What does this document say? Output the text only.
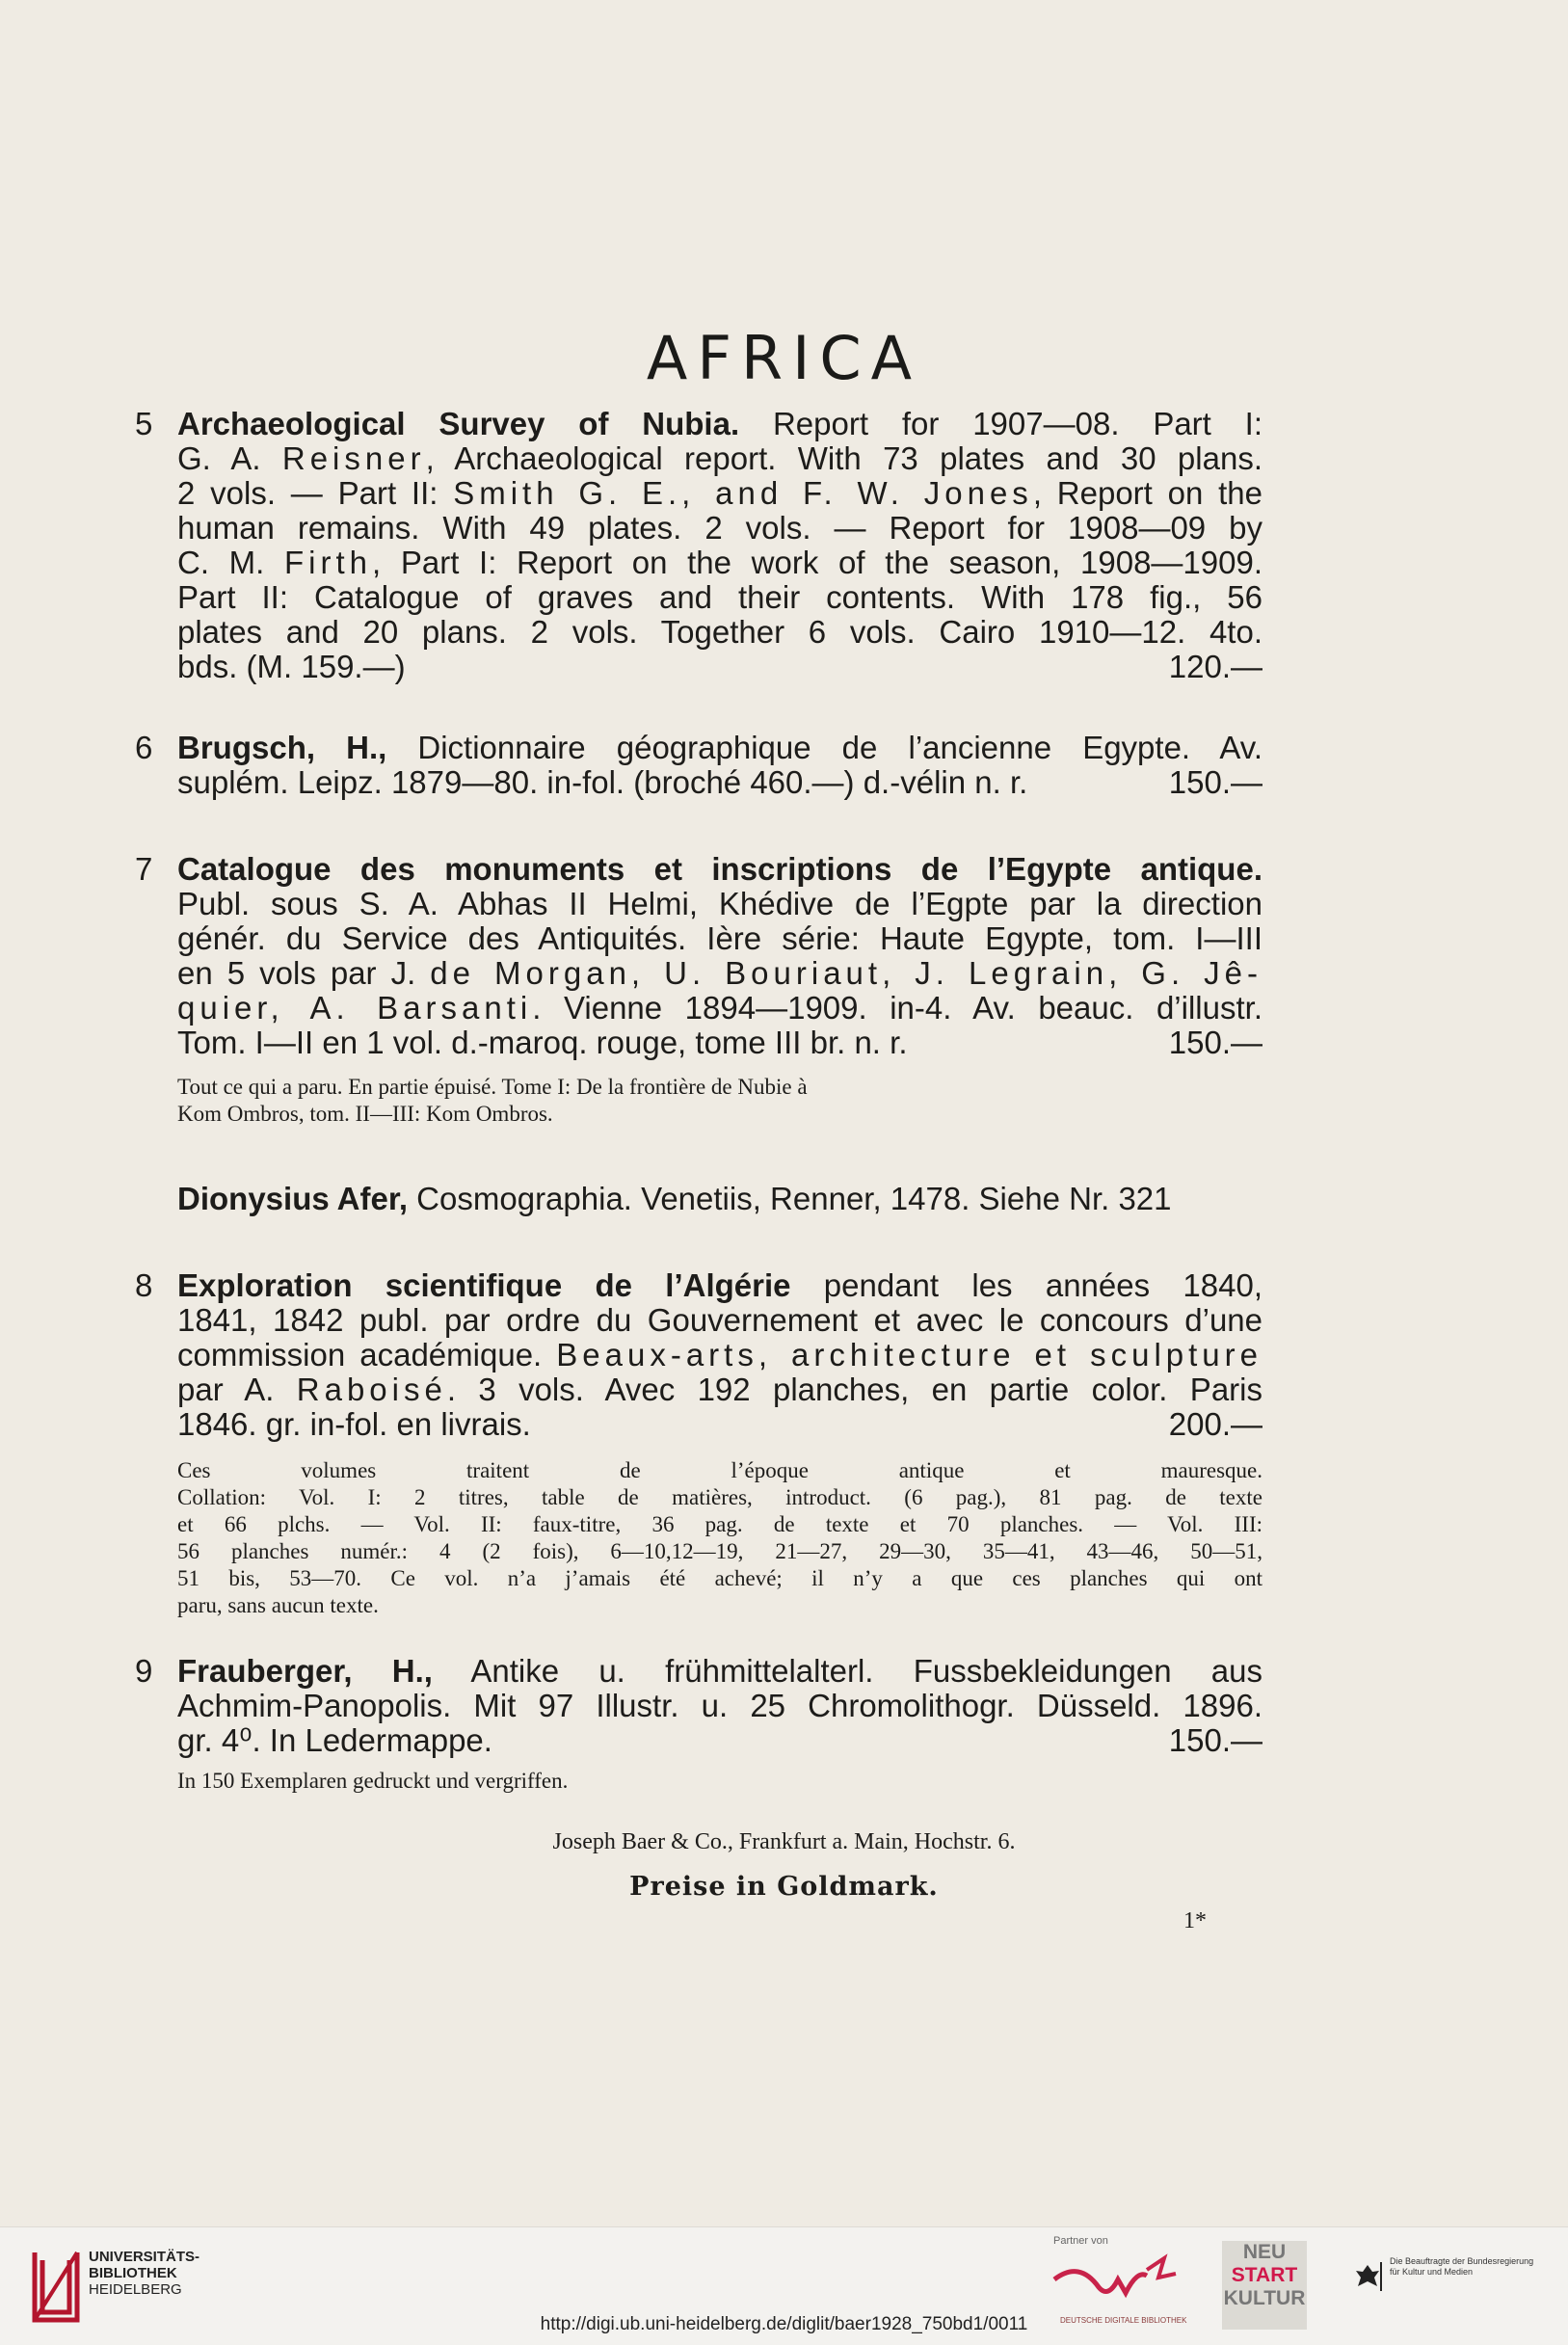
AFRICA
5 Archaeological Survey of Nubia. Report for 1907—08. Part I:
G. A. Reisner, Archaeological report. With 73 plates and 30 plans.
2 vols. — Part II: Smith G. E., and F. W. Jones, Report on the
human remains. With 49 plates. 2 vols. — Report for 1908—09 by
C. M. Firth, Part I: Report on the work of the season, 1908—1909.
Part II: Catalogue of graves and their contents. With 178 fig., 56
plates and 20 plans. 2 vols. Together 6 vols. Cairo 1910—12. 4to.
bds. (M. 159.—)	120.—
6 Brugsch, H., Dictionnaire géographique de l’ancienne Egypte. Av.
suplém. Leipz. 1879—80. in-fol. (broché 460.—) d.-vélin n. r.	150.—
7 Catalogue des monuments et inscriptions de l’Egypte antique.
Publ. sous S. A. Abhas II Helmi, Khédive de l’Egpte par la direction
génér. du Service des Antiquités. Ière série: Haute Egypte, tom. I—III
en 5 vols par J. de Morgan, U. Bouriaut, J. Legrain, G. Jê-
quier, A. Barsanti. Vienne 1894—1909. in-4. Av. beauc. d’illustr.
Tom. I—II en 1 vol. d.-maroq. rouge, tome III br. n. r.	150.—
Tout ce qui a paru. En partie épuisé. Tome I: De la frontière de Nubie à
Kom Ombros, tom. II—III: Kom Ombros.
Dionysius Afer, Cosmographia. Venetiis, Renner, 1478. Siehe Nr. 321
8 Exploration scientifique de l’Algérie pendant les années 1840,
1841, 1842 publ. par ordre du Gouvernement et avec le concours d’une
commission académique. Beaux-arts, architecture et sculpture
par A. Raboisé. 3 vols. Avec 192 planches, en partie color. Paris
1846. gr. in-fol. en livrais.	200.—
Ces volumes traitent de l’époque antique et mauresque.
Collation: Vol. I: 2 titres, table de matières, introduct. (6 pag.), 81 pag. de texte
et 66 plchs. — Vol. II: faux-titre, 36 pag. de texte et 70 planches. — Vol. III:
56 planches numér.: 4 (2 fois), 6—10,12—19, 21—27, 29—30, 35—41, 43—46, 50—51,
51 bis, 53—70. Ce vol. n’a j’amais été achevé; il n’y a que ces planches qui ont
paru, sans aucun texte.
9 Frauberger, H., Antike u. frühmittelalterl. Fussbekleidungen aus
Achmim-Panopolis. Mit 97 Illustr. u. 25 Chromolithogr. Düsseld. 1896.
gr. 4⁰. In Ledermappe.	150.—
In 150 Exemplaren gedruckt und vergriffen.
Joseph Baer & Co., Frankfurt a. Main, Hochstr. 6.
Preise in Goldmark.
1*
UNIVERSITÄTS-
BIBLIOTHEK
HEIDELBERG
Partner von
DEUTSCHE DIGITALE BIBLIOTHEK
NEU
START
KULTUR
Die Beauftragte der Bundesregierung für Kultur und Medien
http://digi.ub.uni-heidelberg.de/diglit/baer1928_750bd1/0011
